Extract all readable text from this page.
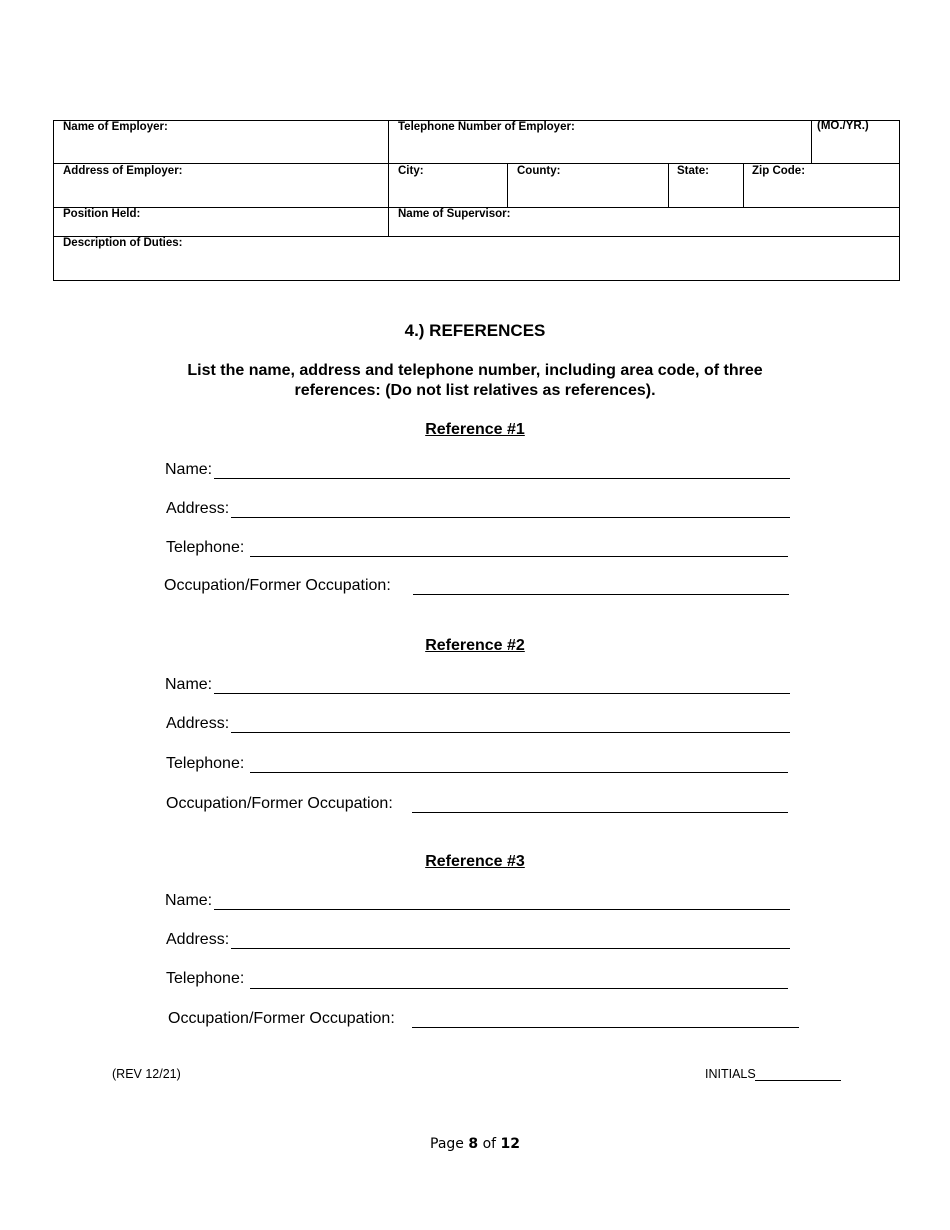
Name of Employer:	Telephone Number of Employer:	(MO./YR.)
Address of Employer:	City:	County:	State:	Zip Code:
Position Held:	Name of Supervisor:
Description of Duties:
4.) REFERENCES
List the name, address and telephone number, including area code, of three
references: (Do not list relatives as references).
Reference #1
Name:
Address:
Telephone:
Occupation/Former Occupation:
Reference #2
Name:
Address:
Telephone:
Occupation/Former Occupation:
Reference #3
Name:
Address:
Telephone:
Occupation/Former Occupation:
(REV 12/21)	INITIALS
Page 8 of 12
